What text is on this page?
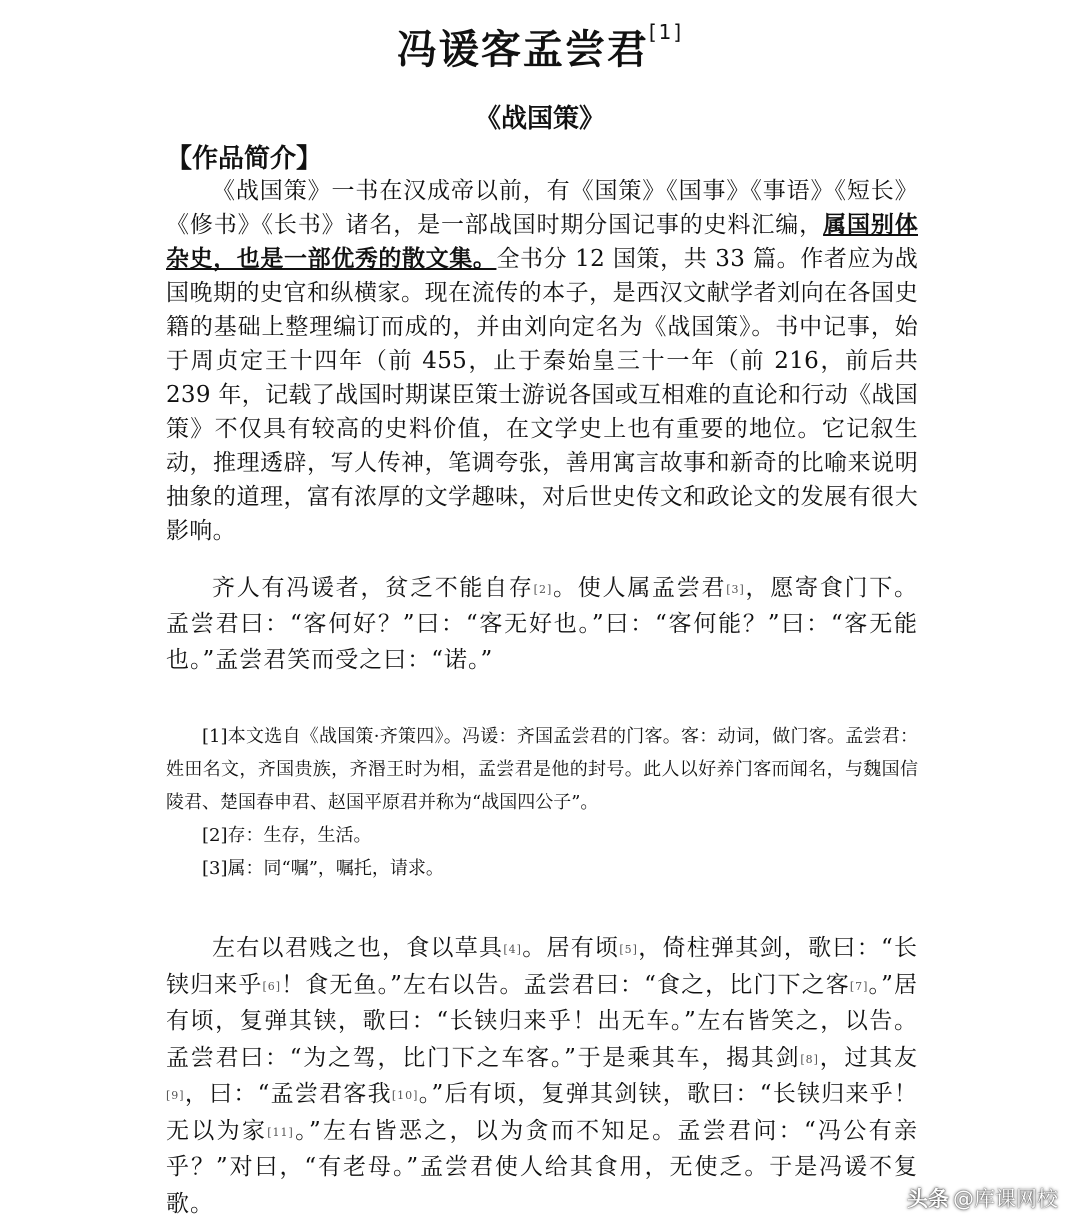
冯谖客孟尝君[1]
《战国策》
【作品简介】

《战国策》一书在汉成帝以前，有《国策》《国事》《事语》《短长》《修书》《长书》诸名，是一部战国时期分国记事的史料汇编，属国别体杂史，也是一部优秀的散文集。全书分 12 国策，共 33 篇。作者应为战国晚期的史官和纵横家。现在流传的本子，是西汉文献学者刘向在各国史籍的基础上整理编订而成的，并由刘向定名为《战国策》。书中记事，始于周贞定王十四年（前 455，止于秦始皇三十一年（前 216，前后共 239 年，记载了战国时期谋臣策士游说各国或互相难的直论和行动《战国策》不仅具有较高的史料价值，在文学史上也有重要的地位。它记叙生动，推理透辟，写人传神，笔调夸张，善用寓言故事和新奇的比喻来说明抽象的道理，富有浓厚的文学趣味，对后世史传文和政论文的发展有很大影响。

齐人有冯谖者，贫乏不能自存[2]。使人属孟尝君[3]，愿寄食门下。孟尝君曰：“客何好？”曰：“客无好也。”曰：“客何能？”曰：“客无能也。”孟尝君笑而受之曰：“诺。”

[1]本文选自《战国策·齐策四》。冯谖：齐国孟尝君的门客。客：动词，做门客。孟尝君：姓田名文，齐国贵族，齐湣王时为相，孟尝君是他的封号。此人以好养门客而闻名，与魏国信陵君、楚国春申君、赵国平原君并称为“战国四公子”。

[2]存：生存，生活。

[3]属：同“嘱”，嘱托，请求。

左右以君贱之也，食以草具[4]。居有顷[5]，倚柱弹其剑，歌曰：“长铗归来乎[6]！食无鱼。”左右以告。孟尝君曰：“食之，比门下之客[7]。”居有顷，复弹其铗，歌曰：“长铗归来乎！出无车。”左右皆笑之，以告。孟尝君曰：“为之驾，比门下之车客。”于是乘其车，揭其剑[8]，过其友[9]，曰：“孟尝君客我[10]。”后有顷，复弹其剑铗，歌曰：“长铗归来乎！无以为家[11]。”左右皆恶之，以为贪而不知足。孟尝君问：“冯公有亲乎？”对曰，“有老母。”孟尝君使人给其食用，无使乏。于是冯谖不复歌。	头条 @库课网校
